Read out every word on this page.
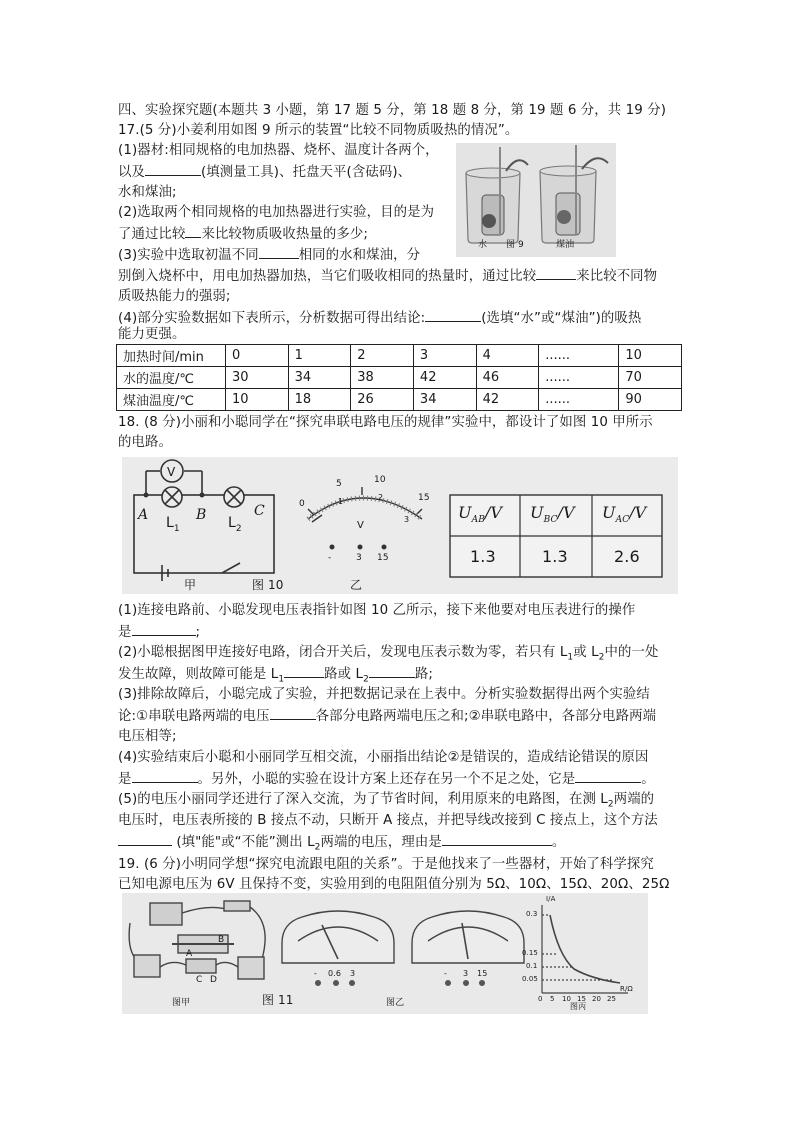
四、实验探究题(本题共 3 小题，第 17 题 5 分，第 18 题 8 分，第 19 题 6 分，共 19 分)
17.(5 分)小姜利用如图 9 所示的装置“比较不同物质吸热的情况”。
(1)器材:相同规格的电加热器、烧杯、温度计各两个，
以及	(填测量工具)、托盘天平(含砝码)、
水和煤油;
(2)选取两个相同规格的电加热器进行实验，目的是为
了通过比较 来比较物质吸收热量的多少;
(3)实验中选取初温不同	相同的水和煤油，分
别倒入烧杯中，用电加热器加热，当它们吸收相同的热量时，通过比较	来比较不同物
质吸热能力的强弱;
(4)部分实验数据如下表所示，分析数据可得出结论:	(选填“水”或“煤油”)的吸热
能力更强。
水 图 9	煤油
加热时间/min	0	1	2	3	4	......	10
水的温度/℃	30	34	38	42	46	......	70
煤油温度/℃	10	18	26	34	42	......	90
18. (8 分)小丽和小聪同学在“探究串联电路电压的规律”实验中，都设计了如图 10 甲所示
的电路。
V
A	B	C
$L_1$	$L_2$
甲	图 10	乙
0
5	10
15
1	2
3
V
-	3 15
$U_{AB}/V$ $U_{BC}/V$ $U_{AC}/V$
1.3	1.3	2.6
(1)连接电路前、小聪发现电压表指针如图 10 乙所示，接下来他要对电压表进行的操作
是	;
(2)小聪根据图甲连接好电路，闭合开关后，发现电压表示数为零，若只有 $L_1$或 $L_2$中的一处
发生故障，则故障可能是 $L_1$	路或 $L_2$	路;
(3)排除故障后，小聪完成了实验，并把数据记录在上表中。分析实验数据得出两个实验结
论:①串联电路两端的电压	各部分电路两端电压之和;②串联电路中，各部分电路两端
电压相等;
(4)实验结束后小聪和小丽同学互相交流，小丽指出结论②是错误的，造成结论错误的原因
是	。另外，小聪的实验在设计方案上还存在另一个不足之处，它是	。
(5)的电压小丽同学还进行了深入交流，为了节省时间，利用原来的电路图，在测 $L_2$两端的
电压时，电压表所接的 B 接点不动，只断开 A 接点，并把导线改接到 C 接点上，这个方法
(填"能"或“不能”测出 $L_2$两端的电压，理由是	。
19. (6 分)小明同学想“探究电流跟电阻的关系”。于是他找来了一些器材，开始了科学探究
已知电源电压为 6V 且保持不变，实验用到的电阻阻值分别为 5Ω、10Ω、15Ω、20Ω、25Ω
A
B
C D
图甲	图 11	图乙
- 0.6 3	- 3 15
I/A
R/Ω
0.3
0.15
0.1
0.05
0 5 10 15 20 25
图丙
